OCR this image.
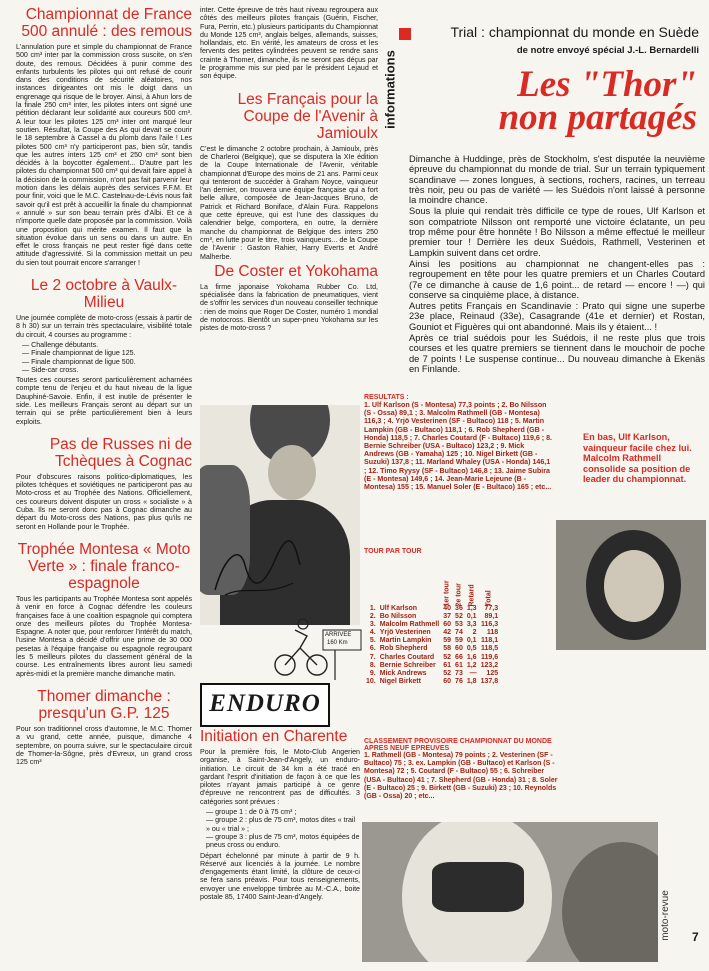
Championnat de France 500 annulé : des remous

L'annulation pure et simple du championnat de France 500 cm³ inter par la commission cross suscite, on s'en doute, des remous. Décidées à punir comme des enfants turbulents les pilotes qui ont refusé de courir dans des conditions de sécurité aléatoires, nos instances dirigeantes ont mis le doigt dans un engrenage qui risque de le broyer. Ainsi, à Ahun lors de la finale 250 cm³ inter, les pilotes inters ont signé une pétition déclarant leur solidarité aux coureurs 500 cm³. A leur tour les pilotes 125 cm³ inter ont marqué leur soutien. Résultat, la Coupe des As qui devait se courir le 18 septembre à Cassel a du plomb dans l'aile ! Les pilotes 500 cm³ n'y participeront pas, bien sûr, tandis que les autres inters 125 cm³ et 250 cm³ sont bien décidés à la boycotter également... D'autre part les pilotes du championnat 500 cm³ qui devait faire appel à la décision de la commission, n'ont pas fait parvenir leur motion dans les délais auprès des services F.F.M. Et pour finir, voici que le M.C. Castelnau-de-Lévis nous fait savoir qu'il est prêt à accueillir la finale du championnat « annulé » sur son beau terrain près d'Albi. Et ce à n'importe quelle date proposée par la commission. Voilà une proposition qui mérite examen. Il faut que la situation évolue dans un sens ou dans un autre. En effet le cross français ne peut rester figé dans cette attitude d'agressivité. Si la commission mettait un peu du sien tout pourrait encore s'arranger !

Le 2 octobre à Vaulx-Milieu

Une journée complète de moto-cross (essais à partir de 8 h 30) sur un terrain très spectaculaire, visibilité totale du circuit, 4 courses au programme :

— Challenge débutants.
— Finale championnat de ligue 125.
— Finale championnat de ligue 500.
— Side-car cross.

Toutes ces courses seront particulièrement acharnées compte tenu de l'enjeu et du haut niveau de la ligue Dauphiné-Savoie. Enfin, il est inutile de présenter le side. Les meilleurs Français seront au départ sur un terrain qui se prête particulièrement bien à leurs exploits.

Pas de Russes ni de Tchèques à Cognac

Pour d'obscures raisons politico-diplomatiques, les pilotes tchèques et soviétiques ne participeront pas au Moto-cross et au Trophée des Nations. Officiellement, ces coureurs doivent disputer un cross « socialiste » à Cuba. Ils ne seront donc pas à Cognac dimanche au départ du Moto-cross des Nations, pas plus qu'ils ne seront en Hollande pour le Trophée.

Trophée Montesa « Moto Verte » : finale franco-espagnole

Tous les participants au Trophée Montesa sont appelés à venir en force à Cognac défendre les couleurs françaises face à une coalition espagnole qui comptera onze des meilleurs pilotes du Trophée Montesa-Espagne. A noter que, pour renforcer l'intérêt du match, l'usine Montesa a décidé d'offrir une prime de 30 000 pesetas à l'équipe française ou espagnole regroupant les 5 meilleurs pilotes du classement général de la course. Les entraînements libres auront lieu samedi après-midi et la première manche dimanche matin.

Thomer dimanche : presqu'un G.P. 125

Pour son traditionnel cross d'automne, le M.C. Thomer a vu grand, cette année, puisque, dimanche 4 septembre, on pourra suivre, sur le spectaculaire circuit de Thomer-la-Sôgne, près d'Evreux, un grand cross 125 cm³

inter. Cette épreuve de très haut niveau regroupera aux côtés des meilleurs pilotes français (Guérin, Fischer, Fura, Perrin, etc.) plusieurs participants du Championnat du Monde 125 cm³, anglais belges, allemands, suisses, hollandais, etc. En vérité, les amateurs de cross et les fervents des petites cylindrées peuvent se rendre sans crainte à Thomer, dimanche, ils ne seront pas déçus par le programme mis sur pied par le président Lejaud et son équipe.

Les Français pour la Coupe de l'Avenir à Jamioulx

C'est le dimanche 2 octobre prochain, à Jamioulx, près de Charleroi (Belgique), que se disputera la XIe édition de la Coupe Internationale de l'Avenir, véritable championnat d'Europe des moins de 21 ans. Parmi ceux qui tenteront de succéder à Graham Noyce, vainqueur l'an dernier, on trouvera une équipe française qui a fort belle allure, composée de Jean-Jacques Bruno, de Patrick et Richard Boniface, d'Alain Fura. Rappelons que cette épreuve, qui est l'une des classiques du calendrier belge, comportera, en outre, la dernière manche du championnat de Belgique des inters 250 cm³, en lutte pour le titre, trois vainqueurs... de la Coupe de l'Avenir : Gaston Rahier, Harry Everts et André Malherbe.

De Coster et Yokohama

La firme japonaise Yokohama Rubber Co. Ltd, spécialisée dans la fabrication de pneumatiques, vient de s'offrir les services d'un nouveau conseiller technique : rien de moins que Roger De Coster, numéro 1 mondial de motocross. Bientôt un super-pneu Yokohama sur les pistes de moto-cross ?

ARRIVEE
160 Km
ENDURO
Initiation en Charente

Pour la première fois, le Moto-Club Angerien organise, à Saint-Jean-d'Angely, un enduro-initiation. Le circuit de 34 km a été tracé en gardant l'esprit d'initiation de façon à ce que les pilotes n'ayant jamais participé à ce genre d'épreuve ne rencontrent pas de difficultés. 3 catégories sont prévues :

— groupe 1 : de 0 à 75 cm³ ;
— groupe 2 : plus de 75 cm³, motos dites « trail » ou « trial » ;
— groupe 3 : plus de 75 cm³, motos équipées de pneus cross ou enduro.

Départ échelonné par minute à partir de 9 h. Réservé aux licenciés à la journée. Le nombre d'engagements étant limité, la clôture de ceux-ci se fera sans préavis. Pour tous renseignements, envoyer une enveloppe timbrée au M.-C.A., boite postale 85, 17400 Saint-Jean-d'Angely.

informations
Trial : championnat du monde en Suède
de notre envoyé spécial J.-L. Bernardelli
Les "Thor"
non partagés

Dimanche à Huddinge, près de Stockholm, s'est disputée la neuvième épreuve du championnat du monde de trial. Sur un terrain typiquement scandinave — zones longues, à sections, rochers, racines, un terreau très noir, peu ou pas de variété — les Suédois n'ont laissé à personne la moindre chance.

Sous la pluie qui rendait très difficile ce type de roues, Ulf Karlson et son compatriote Nilsson ont remporté une victoire éclatante, un peu trop même pour être honnête ! Bo Nilsson a même effectué le meilleur premier tour ! Derrière les deux Suédois, Rathmell, Vesterinen et Lampkin suivent dans cet ordre.

Ainsi les positions au championnat ne changent-elles pas : regroupement en tête pour les quatre premiers et un Charles Coutard (7e ce dimanche à cause de 1,6 point... de retard — encore ! —) qui conserve sa cinquième place, à distance.

Autres petits Français en Scandinavie : Prato qui signe une superbe 23e place, Reinaud (33e), Casagrande (41e et dernier) et Rostan, Gouniot et Figuères qui ont abandonné. Mais ils y étaient... !

Après ce trial suédois pour les Suédois, il ne reste plus que trois courses et les quatre premiers se tiennent dans le mouchoir de poche de 7 points ! Le suspense continue... Du nouveau dimanche à Ekenäs en Finlande.

RESULTATS :

1. Ulf Karlson (S - Montesa) 77,3 points ; 2. Bo Nilsson (S - Ossa) 89,1 ; 3. Malcolm Rathmell (GB - Montesa) 116,3 ; 4. Yrjö Vesterinen (SF - Bultaco) 118 ; 5. Martin Lampkin (GB - Bultaco) 118,1 ; 6. Rob Shepherd (GB - Honda) 118,5 ; 7. Charles Coutard (F - Bultaco) 119,6 ; 8. Bernie Schreiber (USA - Bultaco) 123,2 ; 9. Mick Andrews (GB - Yamaha) 125 ; 10. Nigel Birkett (GB - Suzuki) 137,8 ; 11. Marland Whaley (USA - Honda) 146,1 ; 12. Timo Ryysy (SF - Bultaco) 146,8 ; 13. Jaime Subira (E - Montesa) 149,6 ; 14. Jean-Marie Lejeune (B - Montesa) 155 ; 15. Manuel Soler (E - Bultaco) 165 ; etc...

En bas, Ulf Karlson, vainqueur facile chez lui. Malcolm Rathmell consolide sa position de leader du championnat.
TOUR PAR TOUR
		1er tour	2e tour	Retard	Total
1.	Ulf Karlson	40	36	1,3	77,3
2.	Bo Nilsson	37	52	0,1	89,1
3.	Malcolm Rathmell	60	53	3,3	116,3
4.	Yrjö Vesterinen	42	74	2	118
5.	Martin Lampkin	59	59	0,1	118,1
6.	Rob Shepherd	58	60	0,5	118,5
7.	Charles Coutard	52	66	1,6	119,6
8.	Bernie Schreiber	61	61	1,2	123,2
9.	Mick Andrews	52	73	—	125
10.	Nigel Birkett	60	76	1,8	137,8
CLASSEMENT PROVISOIRE CHAMPIONNAT DU MONDE APRES NEUF EPREUVES

1. Rathmell (GB - Montesa) 79 points ; 2. Vesterinen (SF - Bultaco) 75 ; 3. ex. Lampkin (GB - Bultaco) et Karlson (S - Montesa) 72 ; 5. Coutard (F - Bultaco) 55 ; 6. Schreiber (USA - Bultaco) 41 ; 7. Shepherd (GB - Honda) 31 ; 8. Soler (E - Bultaco) 25 ; 9. Birkett (GB - Suzuki) 23 ; 10. Reynolds (GB - Ossa) 20 ; etc...

moto-revue 7
